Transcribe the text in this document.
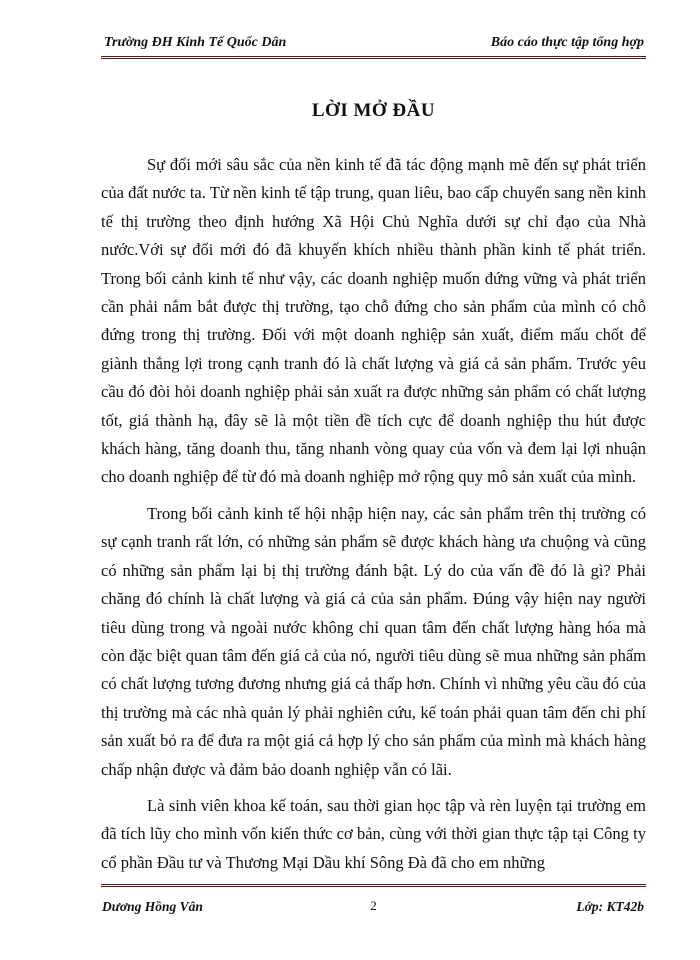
Trường ĐH Kinh Tế Quốc Dân	Báo cáo thực tập tổng hợp
LỜI MỞ ĐẦU

Sự đổi mới sâu sắc của nền kinh tế đã tác động mạnh mẽ đến sự phát triển của đất nước ta. Từ nền kinh tế tập trung, quan liêu, bao cấp chuyển sang nền kinh tế thị trường theo định hướng Xã Hội Chủ Nghĩa dưới sự chỉ đạo của Nhà nước.Với sự đổi mới đó đã khuyến khích nhiều thành phần kinh tế phát triển. Trong bối cảnh kinh tế như vậy, các doanh nghiệp muốn đứng vững và phát triển cần phải nắm bắt được thị trường, tạo chỗ đứng cho sản phẩm của mình có chỗ đứng trong thị trường. Đối với một doanh nghiệp sản xuất, điểm mấu chốt để giành thắng lợi trong cạnh tranh đó là chất lượng và giá cả sản phẩm. Trước yêu cầu đó đòi hỏi doanh nghiệp phải sản xuất ra được những sản phẩm có chất lượng tốt, giá thành hạ, đây sẽ là một tiền đề tích cực để doanh nghiệp thu hút được khách hàng, tăng doanh thu, tăng nhanh vòng quay của vốn và đem lại lợi nhuận cho doanh nghiệp để từ đó mà doanh nghiệp mở rộng quy mô sản xuất của mình.

Trong bối cảnh kinh tế hội nhập hiện nay, các sản phẩm trên thị trường có sự cạnh tranh rất lớn, có những sản phẩm sẽ được khách hàng ưa chuộng và cũng có những sản phẩm lại bị thị trường đánh bật. Lý do của vấn đề đó là gì? Phải chăng đó chính là chất lượng và giá cả của sản phẩm. Đúng vậy hiện nay người tiêu dùng trong và ngoài nước không chỉ quan tâm đến chất lượng hàng hóa mà còn đặc biệt quan tâm đến giá cả của nó, người tiêu dùng sẽ mua những sản phẩm có chất lượng tương đương nhưng giá cả thấp hơn. Chính vì những yêu cầu đó của thị trường mà các nhà quản lý phải nghiên cứu, kế toán phải quan tâm đến chi phí sản xuất bỏ ra để đưa ra một giá cả hợp lý cho sản phẩm của mình mà khách hàng chấp nhận được và đảm bảo doanh nghiệp vẫn có lãi.

Là sinh viên khoa kế toán, sau thời gian học tập và rèn luyện tại trường em đã tích lũy cho mình vốn kiến thức cơ bản, cùng với thời gian thực tập tại Công ty cổ phần Đầu tư và Thương Mại Dầu khí Sông Đà đã cho em những

Dương Hồng Vân	2	Lớp: KT42b
